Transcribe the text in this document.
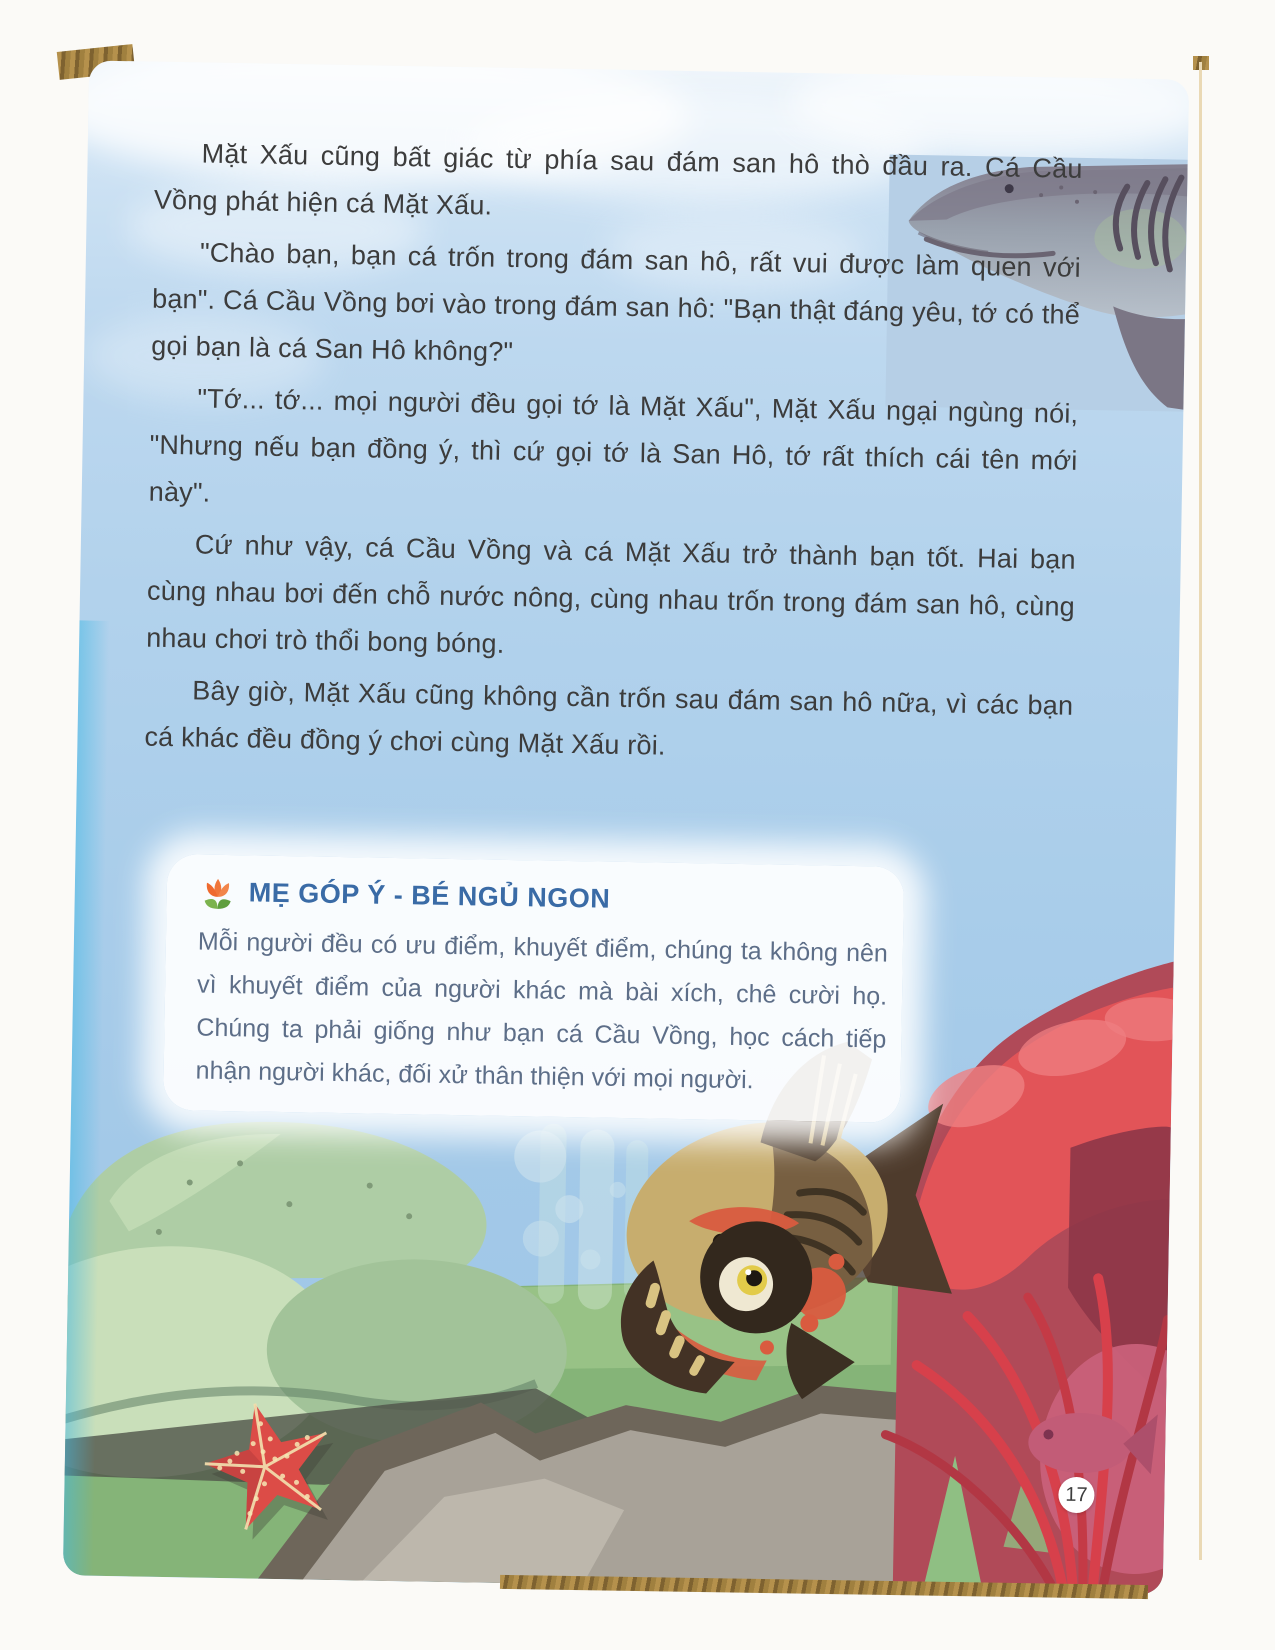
Mặt Xấu cũng bất giác từ phía sau đám san hô thò đầu ra. Cá Cầu Vồng phát hiện cá Mặt Xấu.

"Chào bạn, bạn cá trốn trong đám san hô, rất vui được làm quen với bạn". Cá Cầu Vồng bơi vào trong đám san hô: "Bạn thật đáng yêu, tớ có thể gọi bạn là cá San Hô không?"

"Tớ... tớ... mọi người đều gọi tớ là Mặt Xấu", Mặt Xấu ngại ngùng nói, "Nhưng nếu bạn đồng ý, thì cứ gọi tớ là San Hô, tớ rất thích cái tên mới này".

Cứ như vậy, cá Cầu Vồng và cá Mặt Xấu trở thành bạn tốt. Hai bạn cùng nhau bơi đến chỗ nước nông, cùng nhau trốn trong đám san hô, cùng nhau chơi trò thổi bong bóng.

Bây giờ, Mặt Xấu cũng không cần trốn sau đám san hô nữa, vì các bạn cá khác đều đồng ý chơi cùng Mặt Xấu rồi.

MẸ GÓP Ý - BÉ NGỦ NGON
Mỗi người đều có ưu điểm, khuyết điểm, chúng ta không nên vì khuyết điểm của người khác mà bài xích, chê cười họ. Chúng ta phải giống như bạn cá Cầu Vồng, học cách tiếp nhận người khác, đối xử thân thiện với mọi người.
17
